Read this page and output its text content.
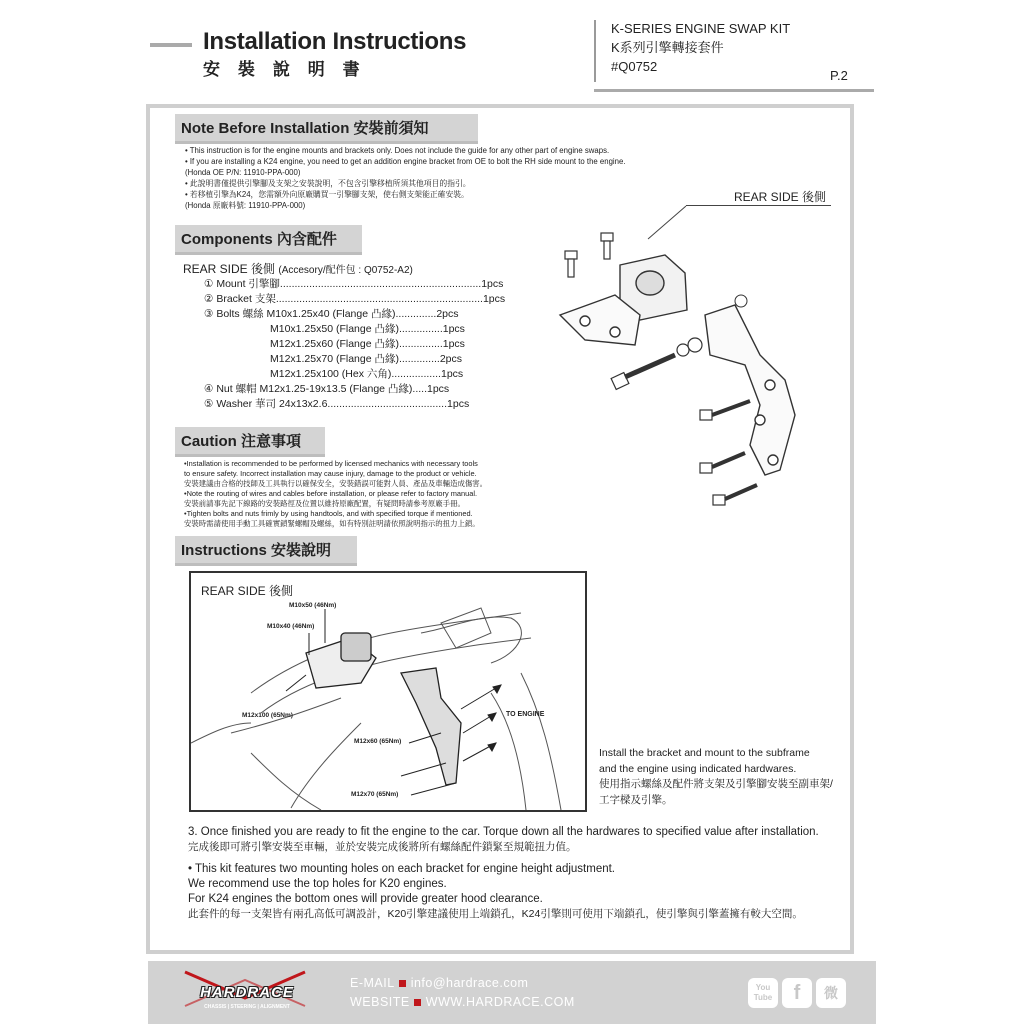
Installation Instructions
安 裝 說 明 書
K-SERIES ENGINE SWAP KIT
K系列引擎轉接套件
#Q0752
P.2
Note Before Installation 安裝前須知
• This instruction is for the engine mounts and brackets only. Does not include the guide for any other part of engine swaps.
• If you are installing a K24 engine, you need to get an addition engine bracket from OE to bolt the RH side mount to the engine.
(Honda OE P/N: 11910-PPA-000)
• 此說明書僅提供引擎腳及支架之安裝說明，不包含引擎移植所須其他項目的指引。
• 若移植引擎為K24，您需額外向原廠購買一引擎腳支架，使右側支架能正確安裝。
(Honda 原廠料號: 11910-PPA-000)
REAR SIDE 後側
Components 內含配件
REAR SIDE 後側 (Accesory/配件包 : Q0752-A2)
① Mount 引擎腳.....................................................................1pcs
② Bracket 支架.......................................................................1pcs
③ Bolts 螺絲 M10x1.25x40 (Flange 凸緣)..............2pcs
M10x1.25x50 (Flange 凸緣)...............1pcs
M12x1.25x60 (Flange 凸緣)...............1pcs
M12x1.25x70 (Flange 凸緣)..............2pcs
M12x1.25x100 (Hex 六角).................1pcs
④ Nut 螺帽 M12x1.25-19x13.5 (Flange 凸緣).....1pcs
⑤ Washer 華司 24x13x2.6.........................................1pcs
Caution 注意事項
•Installation is recommended to be performed by licensed mechanics with necessary tools
to ensure safety. Incorrect installation may cause injury, damage to the product or vehicle.
安裝建議由合格的技師及工具執行以確保安全，安裝錯誤可能對人員、產品及車輛造成傷害。
•Note the routing of wires and cables before installation, or please refer to factory manual.
安裝前請事先記下線路的安裝路徑及位置以維持原廠配置，有疑問時請參考原廠手冊。
•Tighten bolts and nuts frimly by using handtools, and with specified torque if mentioned.
安裝時需請使用手動工具確實鎖緊螺帽及螺絲，如有特別註明請依照說明指示的扭力上鎖。
Instructions 安裝說明
REAR SIDE 後側
M10x50 (46Nm)
M10x40 (46Nm)
M12x100 (65Nm)	TO ENGINE
M12x60 (65Nm)
M12x70 (65Nm)
Install the bracket and mount to the subframe
and the engine using indicated hardwares.
使用指示螺絲及配件將支架及引擎腳安裝至副車架/
工字樑及引擎。
3. Once finished you are ready to fit the engine to the car. Torque down all the hardwares to specified value after installation.
完成後即可將引擎安裝至車輛，並於安裝完成後將所有螺絲配件鎖緊至規範扭力值。
• This kit features two mounting holes on each bracket for engine height adjustment.
We recommend use the top holes for K20 engines.
For K24 engines the bottom ones will provide greater hood clearance.
此套件的每一支架皆有兩孔高低可調設計，K20引擎建議使用上端鎖孔，K24引擎則可使用下端鎖孔，使引擎與引擎蓋擁有較大空間。
HARDRACE
CHASSIS | STEERING | ALIGNMENT
E-MAIL info@hardrace.com
WEBSITE WWW.HARDRACE.COM
You Tube	f	微
